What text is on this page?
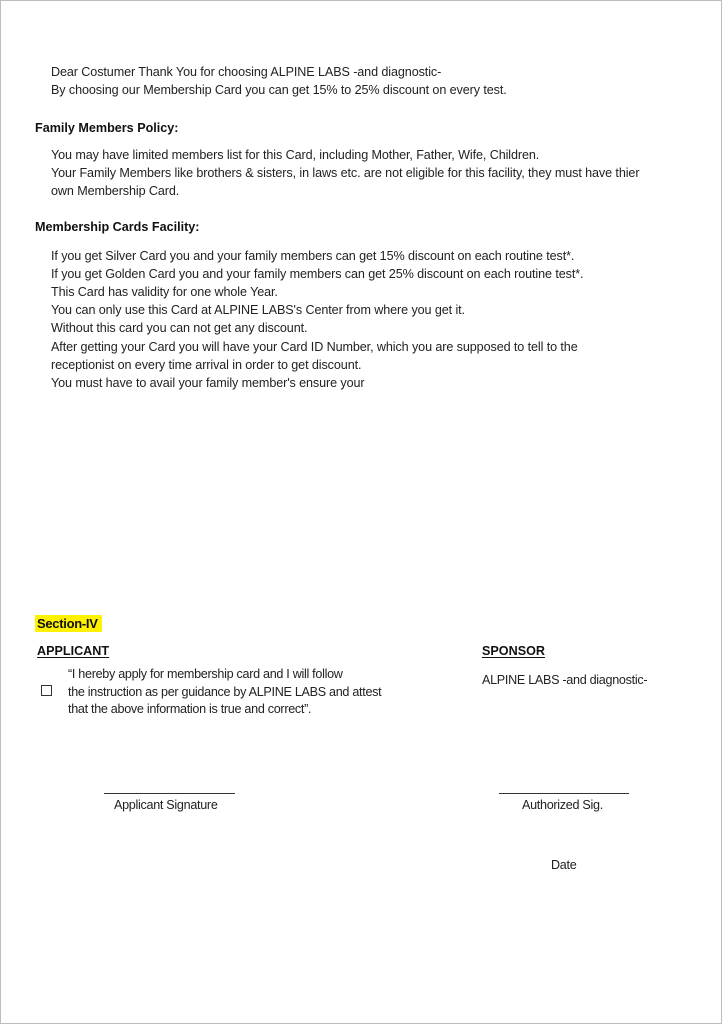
Dear Costumer Thank You for choosing ALPINE LABS -and diagnostic-
By choosing our Membership Card you can get 15% to 25% discount on every test.
Family Members Policy:
You may have limited members list for this Card, including Mother, Father, Wife, Children.
Your Family Members like brothers & sisters, in laws etc. are not eligible for this facility, they must have thier
own Membership Card.
Membership Cards Facility:
If you get Silver Card you and your family members can get 15% discount on each routine test*.
If you get Golden Card you and your family members can get 25% discount on each routine test*.
This Card has validity for one whole Year.
You can only use this Card at ALPINE LABS's Center from where you get it.
Without this card you can not get any discount.
After getting your Card you will have your Card ID Number, which you are supposed to tell to the
receptionist on every time arrival in order to get discount.
You must have to avail your family member's ensure your
Section-IV
APPLICANT	SPONSOR
“I hereby apply for membership card and I will follow
the instruction as per guidance by ALPINE LABS and attest
that the above information is true and correct”.
ALPINE LABS -and diagnostic-
Applicant Signature	Authorized Sig.
Date
